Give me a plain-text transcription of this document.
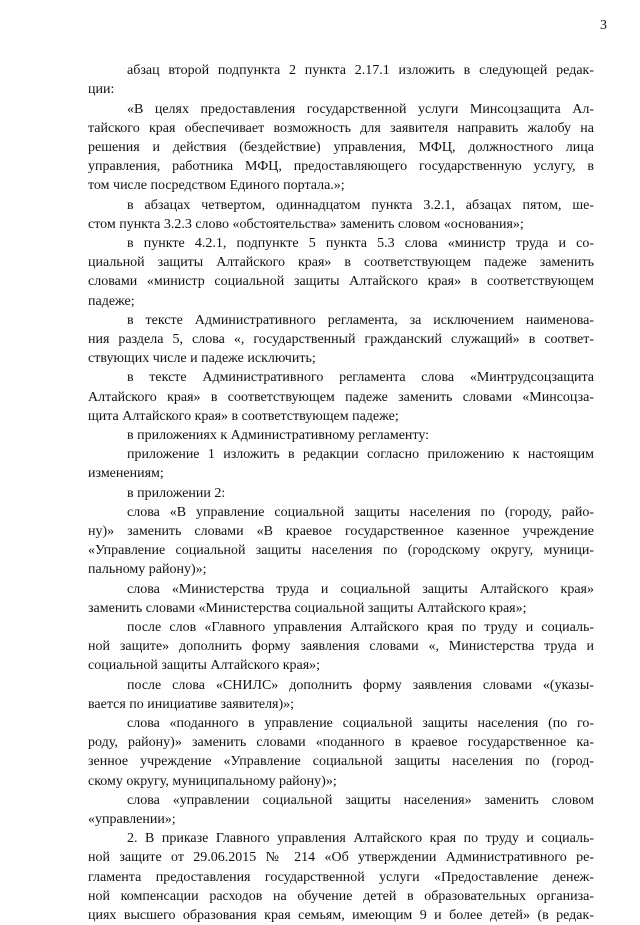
3
абзац второй подпункта 2 пункта 2.17.1 изложить в следующей редак-
ции:
«В целях предоставления государственной услуги Минсоцзащита Ал-
тайского края обеспечивает возможность для заявителя направить жалобу на
решения и действия (бездействие) управления, МФЦ, должностного лица
управления, работника МФЦ, предоставляющего государственную услугу, в
том числе посредством Единого портала.»;
в абзацах четвертом, одиннадцатом пункта 3.2.1, абзацах пятом, ше-
стом пункта 3.2.3 слово «обстоятельства» заменить словом «основания»;
в пункте 4.2.1, подпункте 5 пункта 5.3 слова «министр труда и со-
циальной защиты Алтайского края» в соответствующем падеже заменить
словами «министр социальной защиты Алтайского края» в соответствующем
падеже;
в тексте Административного регламента, за исключением наименова-
ния раздела 5, слова «, государственный гражданский служащий» в соответ-
ствующих числе и падеже исключить;
в тексте Административного регламента слова «Минтрудсоцзащита
Алтайского края» в соответствующем падеже заменить словами «Минсоцза-
щита Алтайского края» в соответствующем падеже;
в приложениях к Административному регламенту:
приложение 1 изложить в редакции согласно приложению к настоящим
изменениям;
в приложении 2:
слова «В управление социальной защиты населения по (городу, райо-
ну)» заменить словами «В краевое государственное казенное учреждение
«Управление социальной защиты населения по (городскому округу, муници-
пальному району)»;
слова «Министерства труда и социальной защиты Алтайского края»
заменить словами «Министерства социальной защиты Алтайского края»;
после слов «Главного управления Алтайского края по труду и социаль-
ной защите» дополнить форму заявления словами «, Министерства труда и
социальной защиты Алтайского края»;
после слова «СНИЛС» дополнить форму заявления словами «(указы-
вается по инициативе заявителя)»;
слова «поданного в управление социальной защиты населения (по го-
роду, району)» заменить словами «поданного в краевое государственное ка-
зенное учреждение «Управление социальной защиты населения по (город-
скому округу, муниципальному району)»;
слова «управлении социальной защиты населения» заменить словом
«управлении»;
2. В приказе Главного управления Алтайского края по труду и социаль-
ной защите от 29.06.2015 № 214 «Об утверждении Административного ре-
гламента предоставления государственной услуги «Предоставление денеж-
ной компенсации расходов на обучение детей в образовательных организа-
циях высшего образования края семьям, имеющим 9 и более детей» (в редак-
